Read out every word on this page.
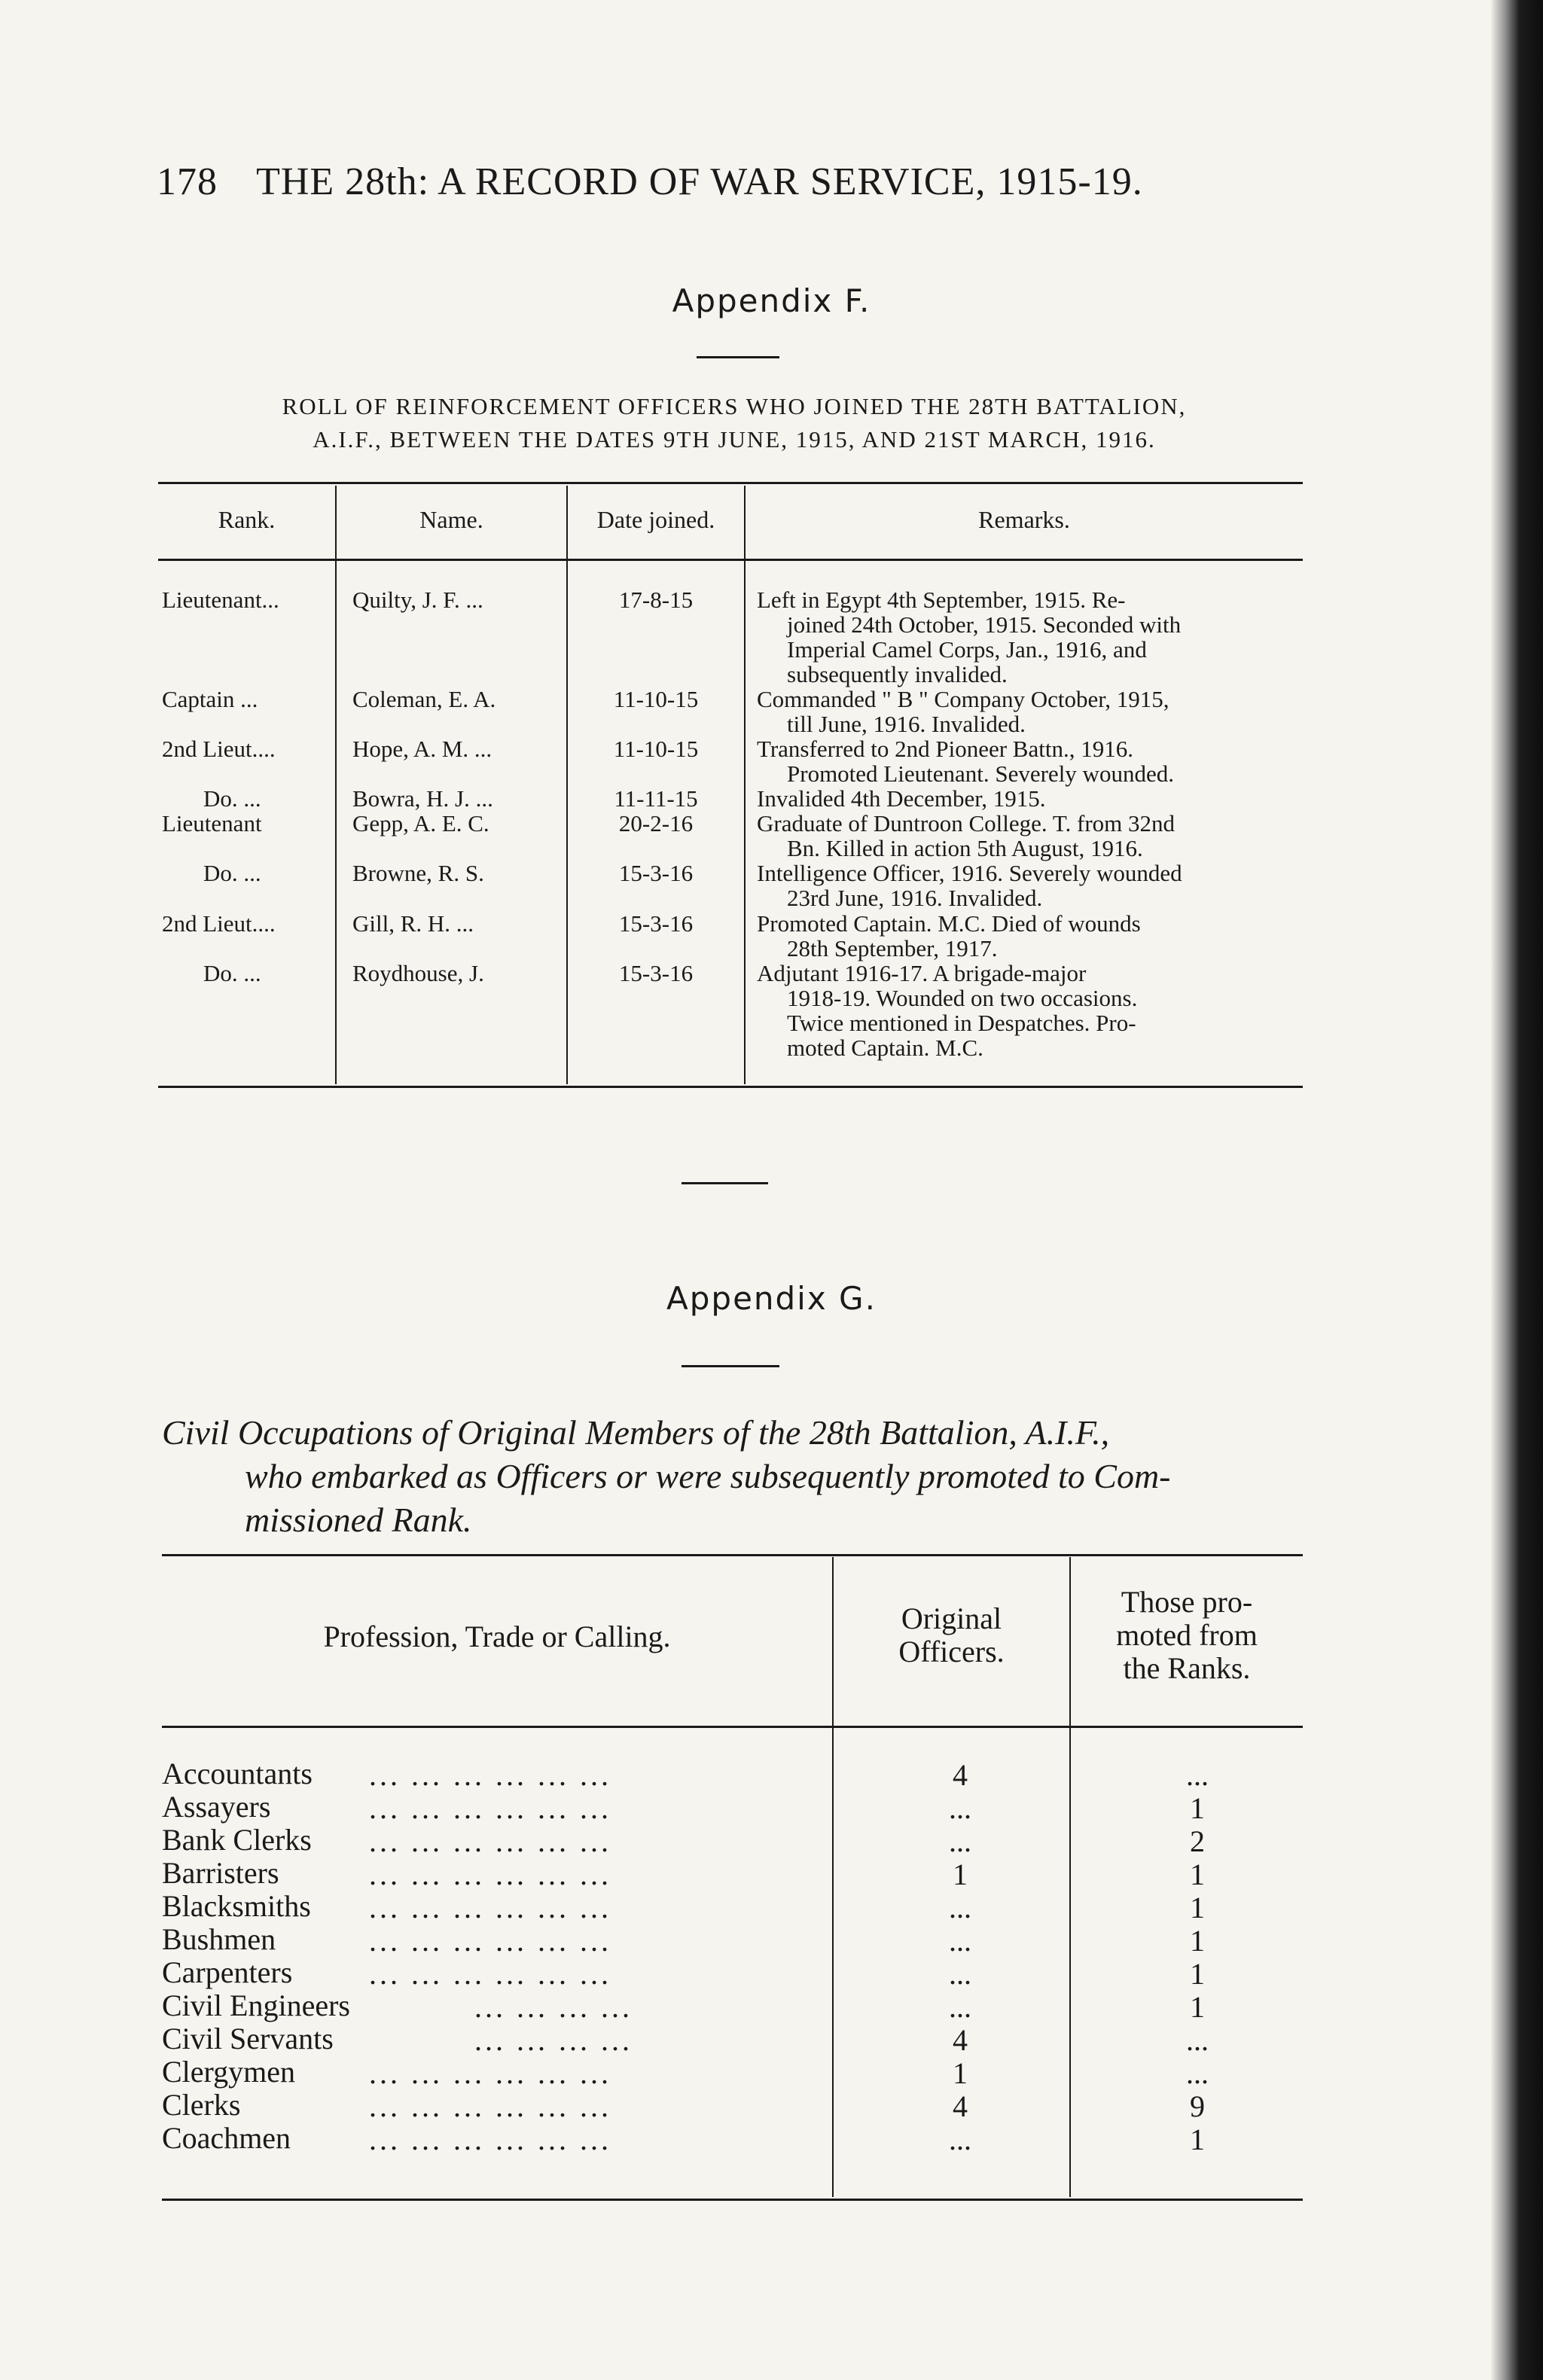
178 THE 28th: A RECORD OF WAR SERVICE, 1915-19.
Appendix F.
ROLL OF REINFORCEMENT OFFICERS WHO JOINED THE 28TH BATTALION,
A.I.F., BETWEEN THE DATES 9TH JUNE, 1915, AND 21ST MARCH, 1916.
Rank.	Name.	Date joined.	Remarks.
Lieutenant...	Quilty, J. F. ...	17-8-15	Left in Egypt 4th September, 1915. Re-
joined 24th October, 1915. Seconded with
Imperial Camel Corps, Jan., 1916, and
subsequently invalided.
Captain ...	Coleman, E. A.	11-10-15	Commanded " B " Company October, 1915,
till June, 1916. Invalided.
2nd Lieut....	Hope, A. M. ...	11-10-15	Transferred to 2nd Pioneer Battn., 1916.
Promoted Lieutenant. Severely wounded.
Do. ...	Bowra, H. J. ...	11-11-15	Invalided 4th December, 1915.
Lieutenant	Gepp, A. E. C.	20-2-16	Graduate of Duntroon College. T. from 32nd
Bn. Killed in action 5th August, 1916.
Do. ...	Browne, R. S.	15-3-16	Intelligence Officer, 1916. Severely wounded
23rd June, 1916. Invalided.
2nd Lieut....	Gill, R. H. ...	15-3-16	Promoted Captain. M.C. Died of wounds
28th September, 1917.
Do. ...	Roydhouse, J.	15-3-16	Adjutant 1916-17. A brigade-major
1918-19. Wounded on two occasions.
Twice mentioned in Despatches. Pro-
moted Captain. M.C.
Appendix G.
Civil Occupations of Original Members of the 28th Battalion, A.I.F.,
who embarked as Officers or were subsequently promoted to Com-
missioned Rank.
Profession, Trade or Calling.
Original
Officers.
Those pro-
moted from
the Ranks.
Accountants ... ... ... ... ... ...	4	...
Assayers	... ... ... ... ... ...	...	1
Bank Clerks ... ... ... ... ... ...	...	2
Barristers	... ... ... ... ... ...	1	1
Blacksmiths ... ... ... ... ... ...	...	1
Bushmen	... ... ... ... ... ...	...	1
Carpenters	... ... ... ... ... ...	...	1
Civil Engineers	... ... ... ...	...	1
Civil Servants	... ... ... ...	4	...
Clergymen ... ... ... ... ... ...	1	...
Clerks	... ... ... ... ... ...	4	9
Coachmen	... ... ... ... ... ...	...	1
